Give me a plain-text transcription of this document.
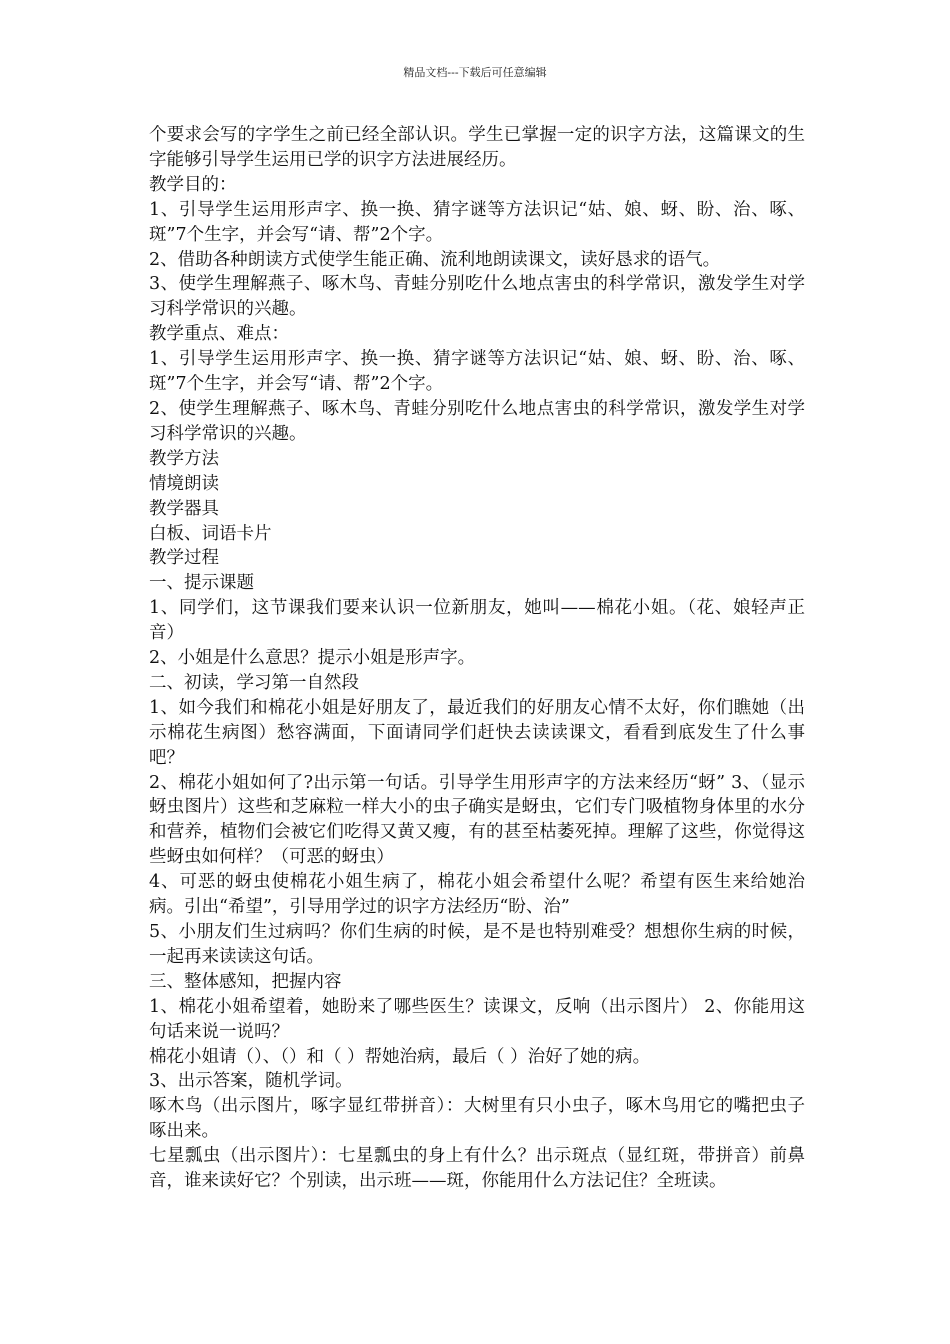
精品文档---下载后可任意编辑

个要求会写的字学生之前已经全部认识。学生已掌握一定的识字方法，这篇课文的生字能够引导学生运用已学的识字方法进展经历。

教学目的：

1、引导学生运用形声字、换一换、猜字谜等方法识记“姑、娘、蚜、盼、治、啄、斑”7个生字，并会写“请、帮”2个字。

2、借助各种朗读方式使学生能正确、流利地朗读课文，读好恳求的语气。

3、使学生理解燕子、啄木鸟、青蛙分别吃什么地点害虫的科学常识，激发学生对学习科学常识的兴趣。

教学重点、难点：

1、引导学生运用形声字、换一换、猜字谜等方法识记“姑、娘、蚜、盼、治、啄、斑”7个生字，并会写“请、帮”2个字。

2、使学生理解燕子、啄木鸟、青蛙分别吃什么地点害虫的科学常识，激发学生对学习科学常识的兴趣。

教学方法

情境朗读

教学器具

白板、词语卡片

教学过程

一、提示课题

1、同学们，这节课我们要来认识一位新朋友，她叫——棉花小姐。（花、娘轻声正音）

2、小姐是什么意思？提示小姐是形声字。

二、初读，学习第一自然段

1、如今我们和棉花小姐是好朋友了，最近我们的好朋友心情不太好，你们瞧她（出示棉花生病图）愁容满面，下面请同学们赶快去读读课文，看看到底发生了什么事吧？

2、棉花小姐如何了?出示第一句话。引导学生用形声字的方法来经历“蚜” 3、（显示蚜虫图片）这些和芝麻粒一样大小的虫子确实是蚜虫，它们专门吸植物身体里的水分和营养，植物们会被它们吃得又黄又瘦，有的甚至枯萎死掉。理解了这些，你觉得这些蚜虫如何样？（可恶的蚜虫）

4、可恶的蚜虫使棉花小姐生病了，棉花小姐会希望什么呢？希望有医生来给她治病。引出“希望”，引导用学过的识字方法经历“盼、治”

5、小朋友们生过病吗？你们生病的时候，是不是也特别难受？想想你生病的时候，一起再来读读这句话。

三、整体感知，把握内容

1、棉花小姐希望着，她盼来了哪些医生？读课文，反响（出示图片） 2、你能用这句话来说一说吗？

棉花小姐请（）、（）和（ ）帮她治病，最后（ ）治好了她的病。

3、出示答案，随机学词。

啄木鸟（出示图片，啄字显红带拼音）：大树里有只小虫子，啄木鸟用它的嘴把虫子啄出来。

七星瓢虫（出示图片）：七星瓢虫的身上有什么？出示斑点（显红斑，带拼音）前鼻音，谁来读好它？个别读，出示班——斑，你能用什么方法记住？全班读。
